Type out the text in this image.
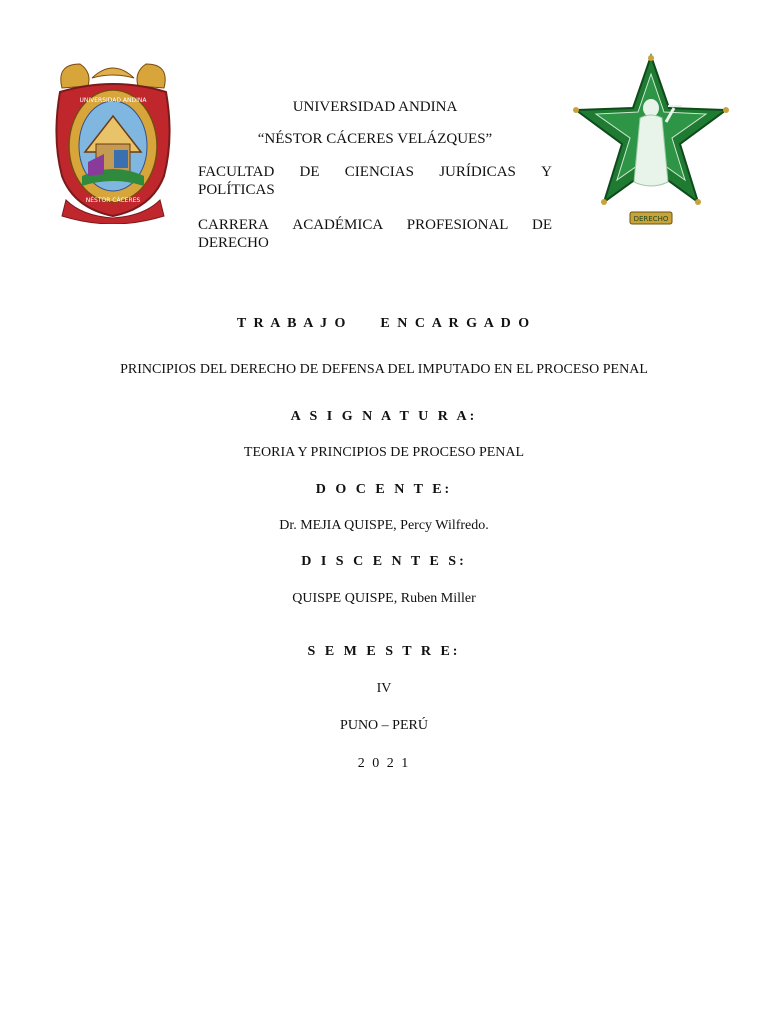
UNIVERSIDAD ANDINA
NÉSTOR CÁCERES
DERECHO
UNIVERSIDAD ANDINA
“NÉSTOR CÁCERES VELÁZQUES”
FACULTAD DE CIENCIAS JURÍDICAS Y
POLÍTICAS
CARRERA ACADÉMICA PROFESIONAL DE
DERECHO
T R A B A J O      E N C A R G A D O
PRINCIPIOS DEL DERECHO DE DEFENSA DEL IMPUTADO EN EL PROCESO PENAL
A S I G N A T U R A:
TEORIA Y PRINCIPIOS DE PROCESO PENAL
D O C E N T E:
Dr. MEJIA QUISPE, Percy Wilfredo.
D I S C E N T E S:
QUISPE QUISPE, Ruben Miller
S E M E S T R E:
IV
PUNO – PERÚ
2 0 2 1
